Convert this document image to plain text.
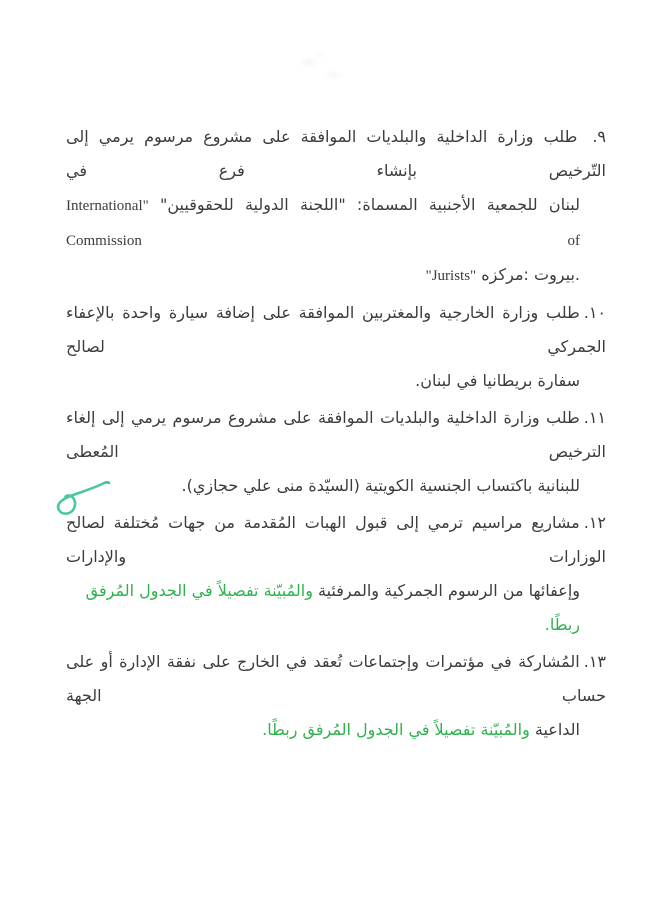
٩.طلب وزارة الداخلية والبلديات الموافقة على مشروع مرسوم يرمي إلى التّرخيص بإنشاء فرع في
لبنان للجمعية الأجنبية المسماة: "اللجنة الدولية للحقوقيين" "International Commission of
"Jurists" مركزه: بيروت.
١٠.طلب وزارة الخارجية والمغتربين الموافقة على إضافة سيارة واحدة بالإعفاء الجمركي لصالح
سفارة بريطانيا في لبنان.
١١.طلب وزارة الداخلية والبلديات الموافقة على مشروع مرسوم يرمي إلى إلغاء الترخيص المُعطى
للبنانية باكتساب الجنسية الكويتية (السيّدة منى علي حجازي).
١٢.مشاريع مراسيم ترمي إلى قبول الهبات المُقدمة من جهات مُختلفة لصالح الوزارات والإدارات
وإعفائها من الرسوم الجمركية والمرفئية والمُبيّنة تفصيلاً في الجدول المُرفق ربطًا.
١٣.المُشاركة في مؤتمرات وإجتماعات تُعقد في الخارج على نفقة الإدارة أو على حساب الجهة
الداعية والمُبيّنة تفصيلاً في الجدول المُرفق ربطًا.
